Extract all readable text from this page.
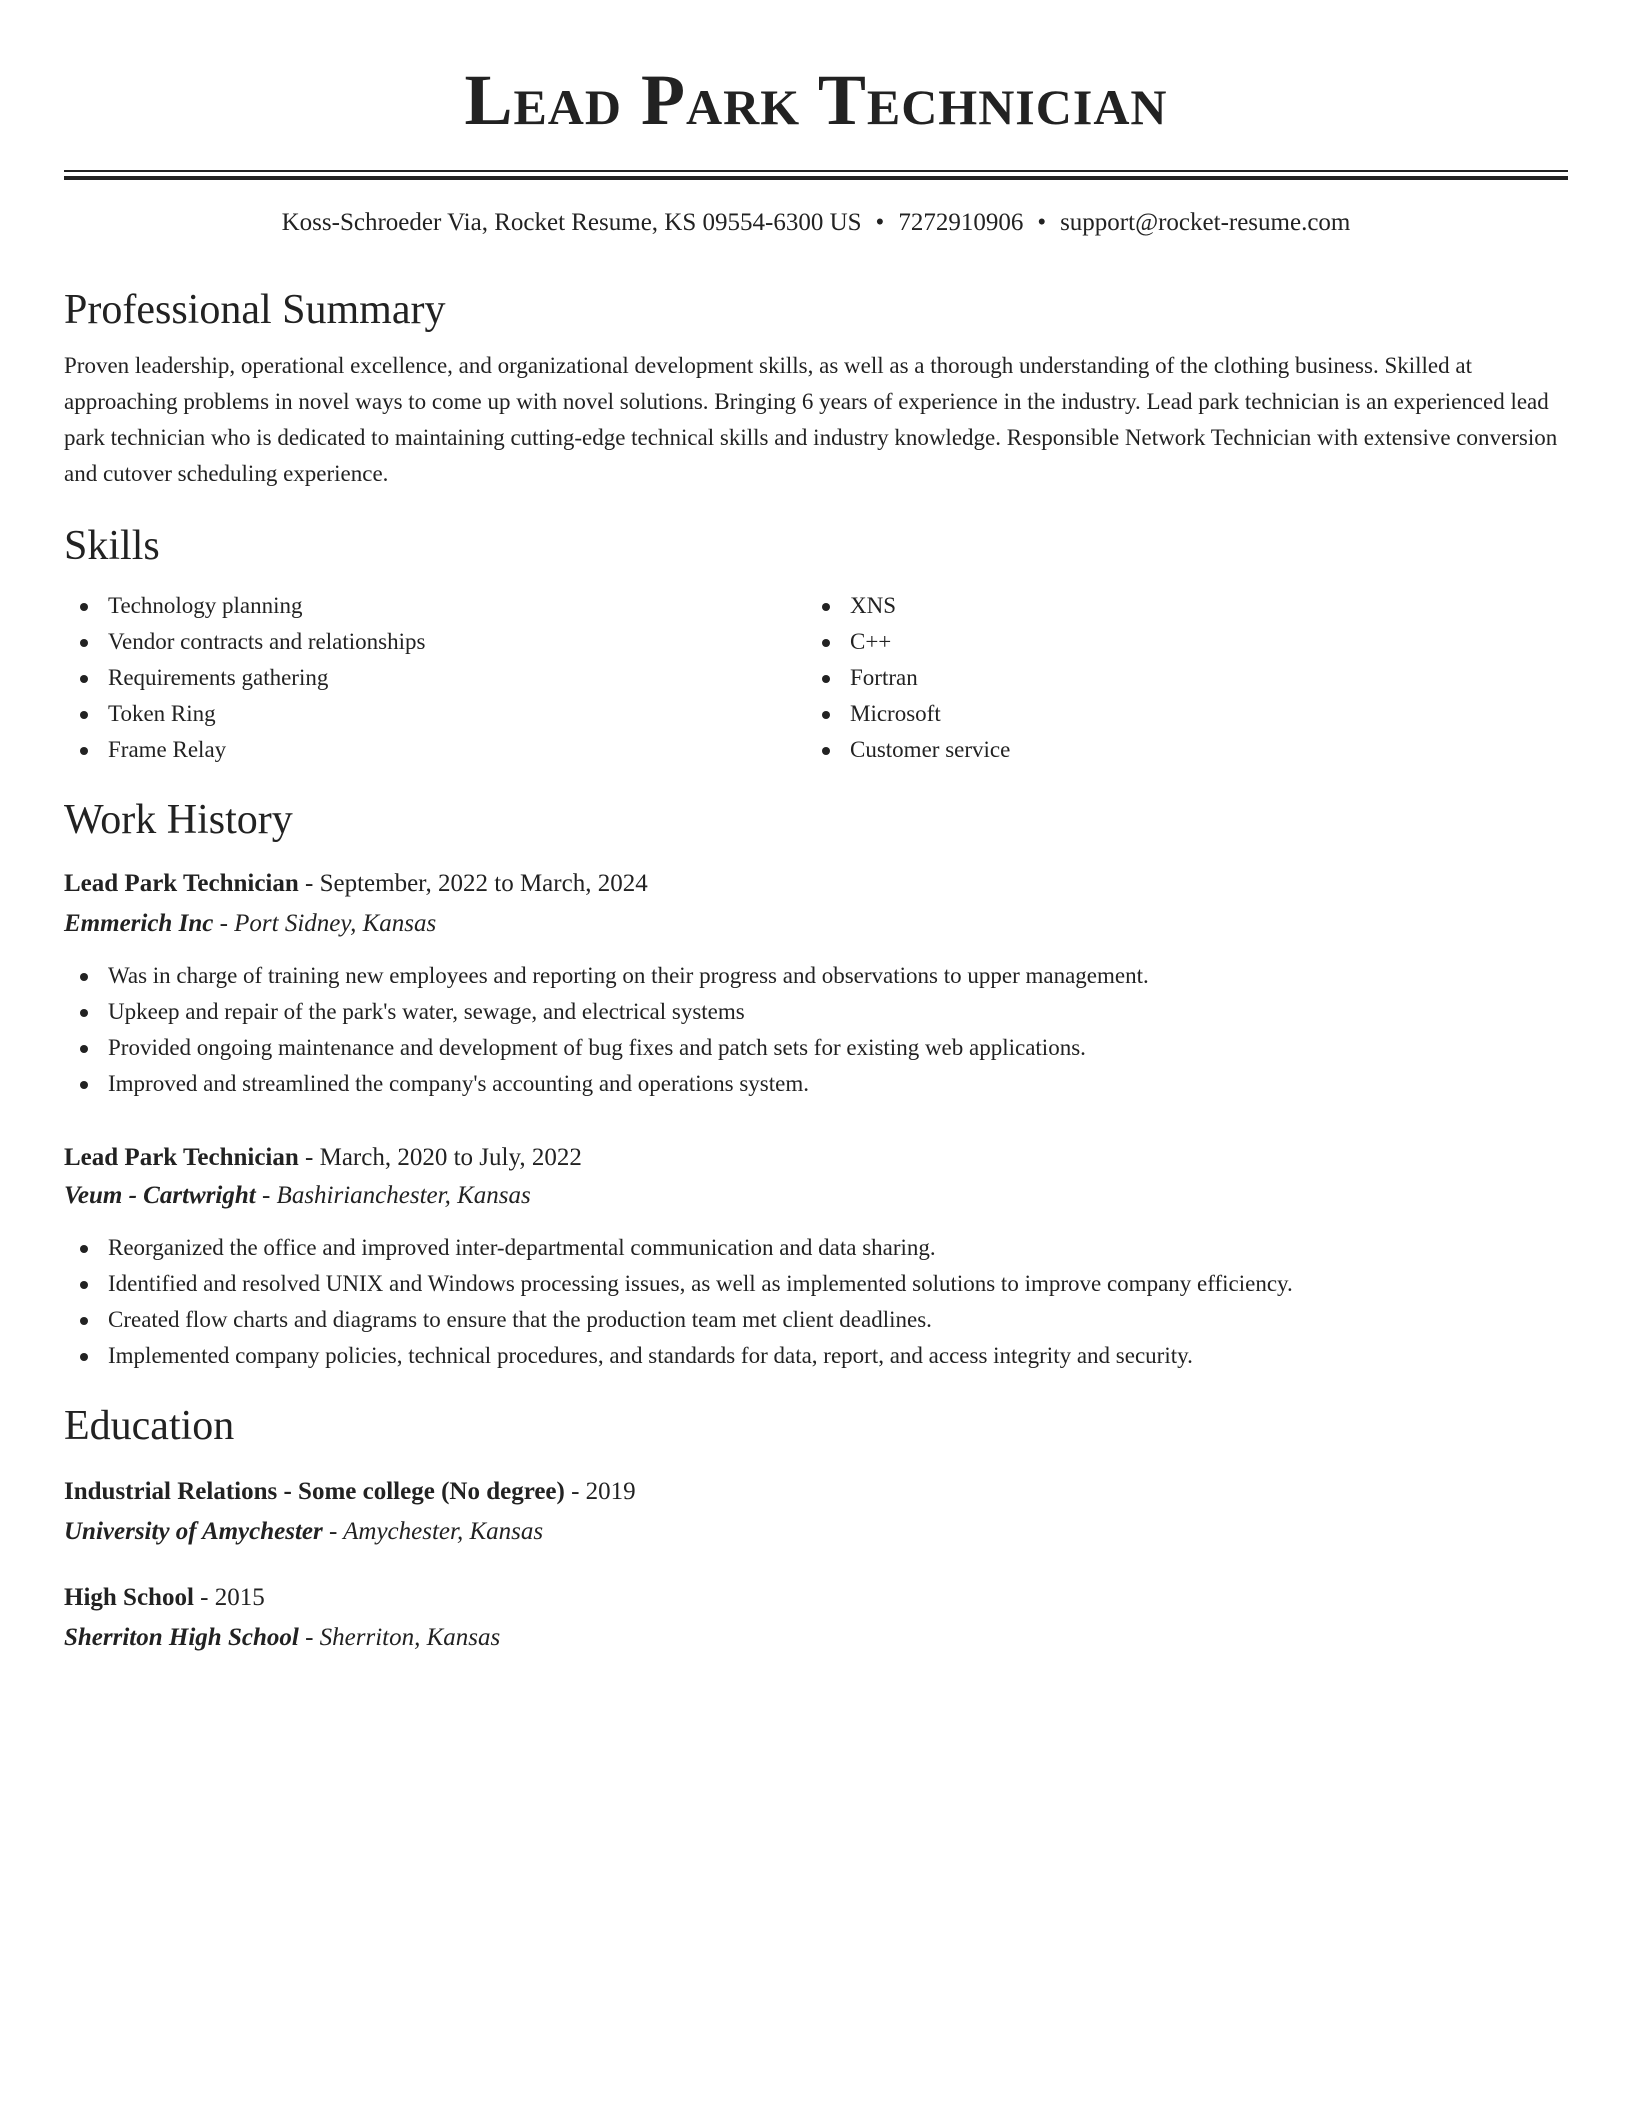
Lead Park Technician
Koss-Schroeder Via, Rocket Resume, KS 09554-6300 US • 7272910906 • support@rocket-resume.com
Professional Summary

Proven leadership, operational excellence, and organizational development skills, as well as a thorough understanding of the clothing business. Skilled at approaching problems in novel ways to come up with novel solutions. Bringing 6 years of experience in the industry. Lead park technician is an experienced lead park technician who is dedicated to maintaining cutting-edge technical skills and industry knowledge. Responsible Network Technician with extensive conversion and cutover scheduling experience.

Skills
Technology planning
Vendor contracts and relationships
Requirements gathering
Token Ring
Frame Relay
XNS
C++
Fortran
Microsoft
Customer service
Work History
Lead Park Technician - September, 2022 to March, 2024
Emmerich Inc - Port Sidney, Kansas
Was in charge of training new employees and reporting on their progress and observations to upper management.
Upkeep and repair of the park's water, sewage, and electrical systems
Provided ongoing maintenance and development of bug fixes and patch sets for existing web applications.
Improved and streamlined the company's accounting and operations system.
Lead Park Technician - March, 2020 to July, 2022
Veum - Cartwright - Bashirianchester, Kansas
Reorganized the office and improved inter-departmental communication and data sharing.
Identified and resolved UNIX and Windows processing issues, as well as implemented solutions to improve company efficiency.
Created flow charts and diagrams to ensure that the production team met client deadlines.
Implemented company policies, technical procedures, and standards for data, report, and access integrity and security.
Education
Industrial Relations - Some college (No degree) - 2019
University of Amychester - Amychester, Kansas
High School - 2015
Sherriton High School - Sherriton, Kansas
